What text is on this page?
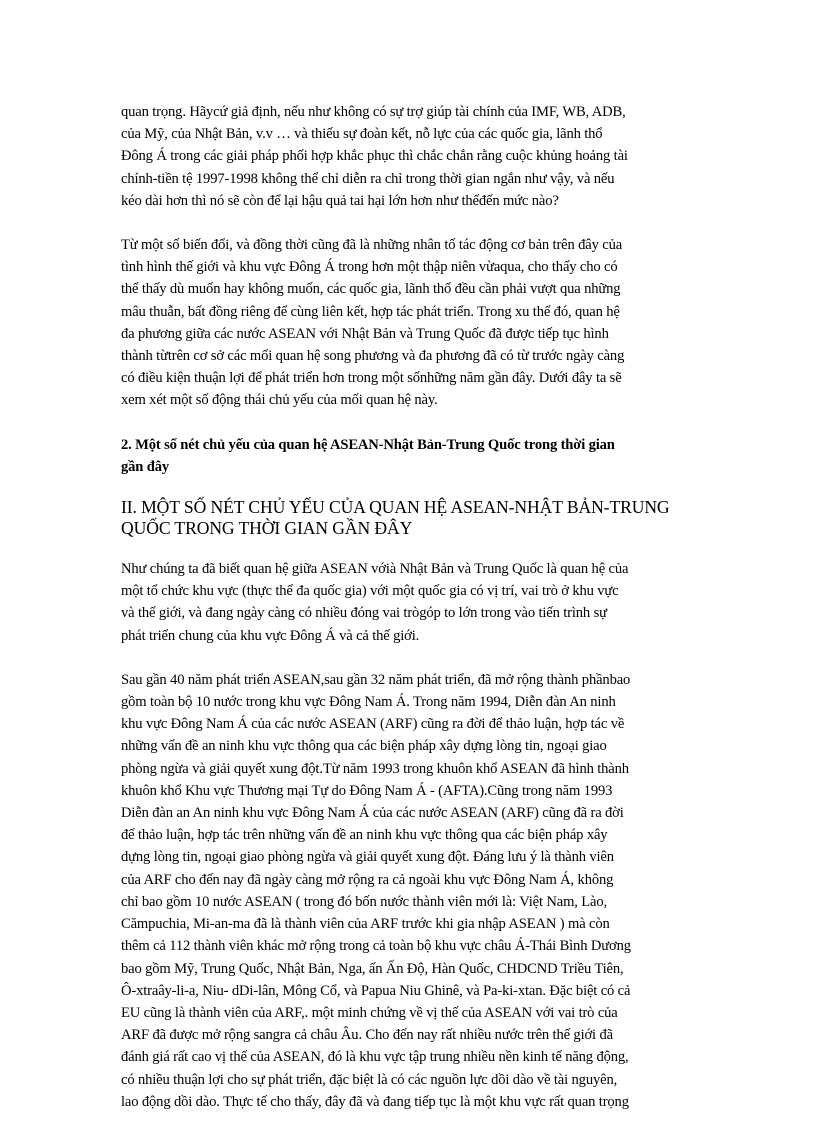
quan trọng. Hãycứ giả định, nếu như không có sự trợ giúp tài chính của IMF, WB, ADB,
của Mỹ, của Nhật Bản, v.v … và thiếu sự đoàn kết, nỗ lực của các quốc gia, lãnh thổ
Đông Á trong các giải pháp phối hợp khắc phục thì chắc chắn rằng cuộc khủng hoảng tài
chính-tiền tệ 1997-1998 không thể chỉ diễn ra chỉ trong thời gian ngắn như vậy, và nếu
kéo dài hơn thì nó sẽ còn để lại hậu quả tai hại lớn hơn như thếđến mức nào?
Từ một số biến đổi, và đồng thời cũng đã là những nhân tố tác động cơ bản trên đây của
tình hình thế giới và khu vực Đông Á trong hơn một thập niên vừaqua, cho thấy cho có
thể thấy dù muốn hay không muốn, các quốc gia, lãnh thổ đều cần phải vượt qua những
mâu thuẫn, bất đồng riêng để cùng liên kết, hợp tác phát triển. Trong xu thế đó, quan hệ
đa phương giữa các nước ASEAN với Nhật Bản và Trung Quốc đã được tiếp tục hình
thành từtrên cơ sở các mối quan hệ song phương và đa phương đã có từ trước ngày càng
có điều kiện thuận lợi để phát triển hơn trong một sốnhững năm gần đây. Dưới đây ta sẽ
xem xét một số động thái chủ yếu của mối quan hệ này.
2. Một số nét chủ yếu của quan hệ ASEAN-Nhật Bản-Trung Quốc trong thời gian
gần đây
II. MỘT SỐ NÉT CHỦ YẾU CỦA QUAN HỆ ASEAN-NHẬT BẢN-TRUNG
QUỐC TRONG THỜI GIAN GẦN ĐÂY
Như chúng ta đã biết quan hệ giữa ASEAN vớià Nhật Bản và Trung Quốc là quan hệ của
một tổ chức khu vực (thực thể đa quốc gia) với một quốc gia có vị trí, vai trò ở khu vực
và thế giới, và đang ngày càng có nhiều đóng vai trògóp to lớn trong vào tiến trình sự
phát triển chung của khu vực Đông Á và cả thế giới.
Sau gần 40 năm phát triển ASEAN,sau gần 32 năm phát triển, đã mở rộng thành phầnbao
gồm toàn bộ 10 nước trong khu vực Đông Nam Á. Trong năm 1994, Diễn đàn An ninh
khu vực Đông Nam Á của các nước ASEAN (ARF) cũng ra đời để thảo luận, hợp tác về
những vấn đề an ninh khu vực thông qua các biện pháp xây dựng lòng tin, ngoại giao
phòng ngừa và giải quyết xung đột.Từ năm 1993 trong khuôn khổ ASEAN đã hình thành
khuôn khổ Khu vực Thương mại Tự do Đông Nam Á - (AFTA).Cũng trong năm 1993
Diễn đàn an An ninh khu vực Đông Nam Á của các nước ASEAN (ARF) cũng đã ra đời
để thảo luận, hợp tác trên những vấn đề an ninh khu vực thông qua các biện pháp xây
dựng lòng tin, ngoại giao phòng ngừa và giải quyết xung đột. Đáng lưu ý là thành viên
của ARF cho đến nay đã ngày càng mở rộng ra cả ngoài khu vực Đông Nam Á, không
chỉ bao gồm 10 nước ASEAN ( trong đó bốn nước thành viên mới là: Việt Nam, Lào,
Cămpuchia, Mi-an-ma đã là thành viên của ARF trước khi gia nhập ASEAN ) mà còn
thêm cả 112 thành viên khác mở rộng trong cả toàn bộ khu vực châu Á-Thái Bình Dương
bao gồm Mỹ, Trung Quốc, Nhật Bản, Nga, ấn Ấn Độ, Hàn Quốc, CHDCND Triều Tiên,
Ô-xtraây-li-a, Niu- dDi-lân, Mông Cổ, và Papua Niu Ghinê, và Pa-ki-xtan. Đặc biệt có cả
EU cũng là thành viên của ARF,. một minh chứng về vị thế của ASEAN với vai trò của
ARF đã được mở rộng sangra cả châu Âu. Cho đến nay rất nhiều nước trên thế giới đã
đánh giá rất cao vị thế của ASEAN, đó là khu vực tập trung nhiều nền kinh tế năng động,
có nhiều thuận lợi cho sự phát triển, đặc biệt là có các nguồn lực dồi dào về tài nguyên,
lao động dồi dào. Thực tế cho thấy, đây đã và đang tiếp tục là một khu vực rất quan trọng
